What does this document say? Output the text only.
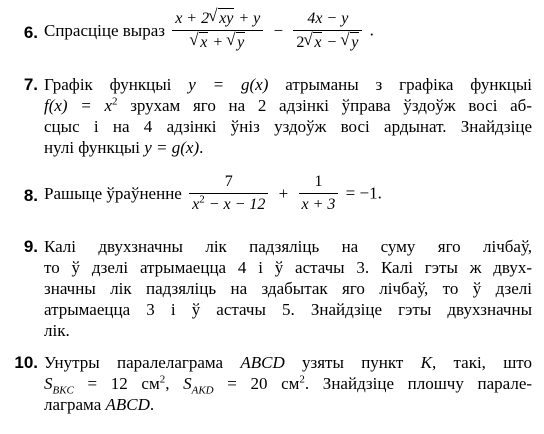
6. Спрасціце выраз x + 2 √ xy + y
√ x + √ $y - \frac{4x - y}{2 √ x - √ y}$ .
7. Графік функцыі y = g(x) атрыманы з графіка функцыі
$f(x) = x^2$ зрухам яго на 2 адзінкі ўправа ўздоўж восі аб-
сцыс і на 4 адзінкі ўніз уздоўж восі ардынат. Знайдзіце
нулі функцыі y = g(x).
8. Рашыце ўраўненне $\frac{7}{x^2 - x - 12} + \frac{1}{x + 3} = -1$.
9. Калі двухзначны лік падзяліць на суму яго лічбаў,
то ў дзелі атрымаецца 4 і ў астачы 3. Калі гэты ж двух-
значны лік падзяліць на здабытак яго лічбаў, то ў дзелі
атрымаецца 3 і ў астачы 5. Знайдзіце гэты двухзначны
лік.
10. Унутры паралелаграма ABCD узяты пункт K, такі, што
$S_{BKC} = 12$ $см^2$, $S_{AKD} = 20$ $см^2$. Знайдзіце плошчу парале-
лаграма ABCD.
